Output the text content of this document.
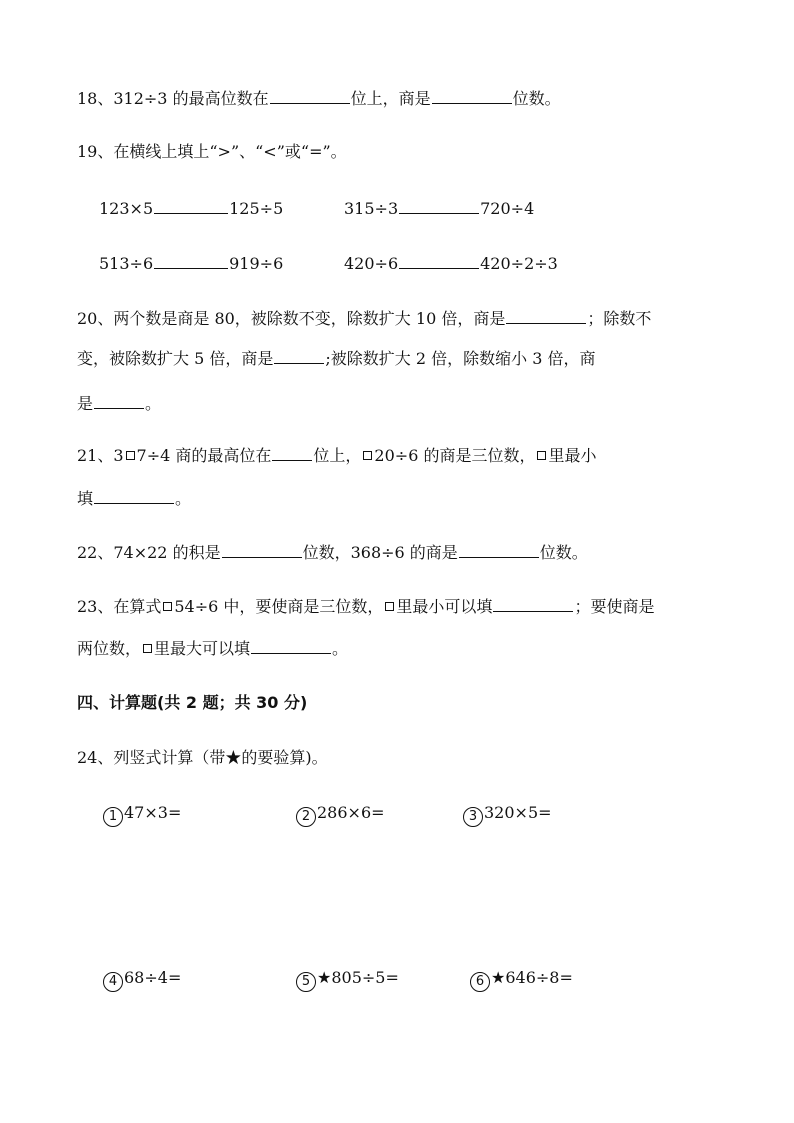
18、312÷3 的最高位数在	位上，商是	位数。
19、在横线上填上“>”、“<”或“=”。
123×5	125÷5	315÷3	720÷4
513÷6	919÷6	420÷6	420÷2÷3
20、两个数是商是 80，被除数不变，除数扩大 10 倍，商是	；除数不
变，被除数扩大 5 倍，商是	;被除数扩大 2 倍，除数缩小 3 倍，商
是	。
21、3 7÷4 商的最高位在	位上， 20÷6 的商是三位数， 里最小
填	。
22、74×22 的积是	位数，368÷6 的商是	位数。
23、在算式 54÷6 中，要使商是三位数， 里最小可以填	；要使商是
两位数， 里最大可以填	。
四、计算题(共 2 题；共 30 分)
24、列竖式计算（带★的要验算)。
1 47×3=	2 286×6=	3 320×5=
4 68÷4=	5 ★805÷5=	6 ★646÷8=
